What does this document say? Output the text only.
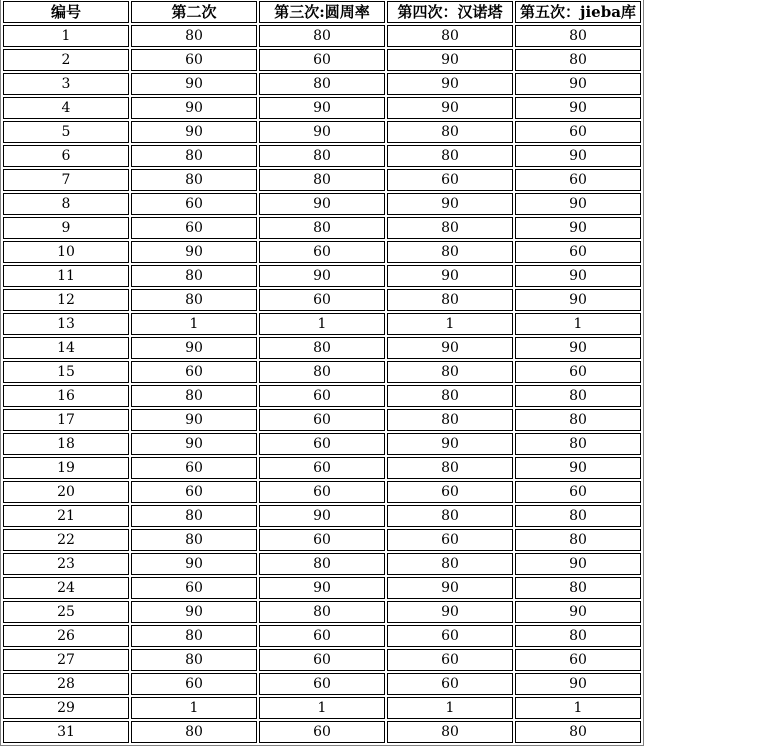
编号	第二次	第三次:圆周率	第四次：汉诺塔	第五次：jieba库
1	80	80	80	80
2	60	60	90	80
3	90	80	90	90
4	90	90	90	90
5	90	90	80	60
6	80	80	80	90
7	80	80	60	60
8	60	90	90	90
9	60	80	80	90
10	90	60	80	60
11	80	90	90	90
12	80	60	80	90
13	1	1	1	1
14	90	80	90	90
15	60	80	80	60
16	80	60	80	80
17	90	60	80	80
18	90	60	90	80
19	60	60	80	90
20	60	60	60	60
21	80	90	80	80
22	80	60	60	80
23	90	80	80	90
24	60	90	90	80
25	90	80	90	90
26	80	60	60	80
27	80	60	60	60
28	60	60	60	90
29	1	1	1	1
31	80	60	80	80
